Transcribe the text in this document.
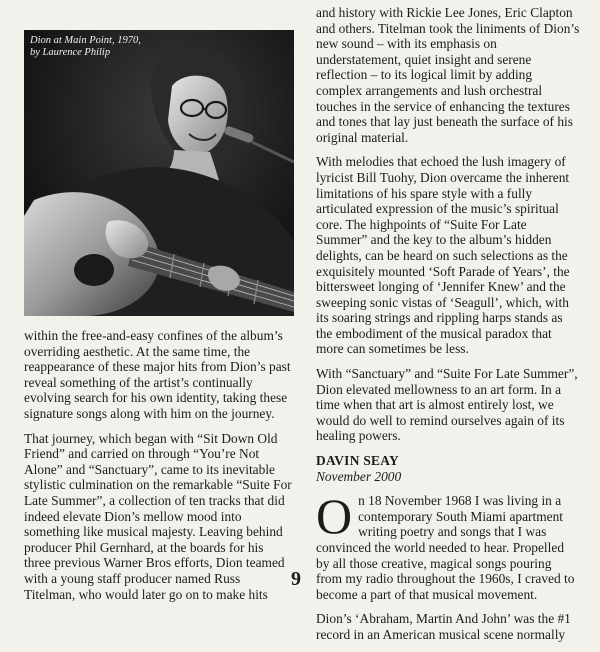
Dion at Main Point, 1970,
by Laurence Philip

within the free-and-easy confines of the album’s overriding aesthetic. At the same time, the reappearance of these major hits from Dion’s past reveal something of the artist’s continually evolving search for his own identity, taking these signature songs along with him on the journey.

That journey, which began with “Sit Down Old Friend” and carried on through “You’re Not Alone” and “Sanctuary”, came to its inevitable stylistic culmination on the remarkable “Suite For Late Summer”, a collection of ten tracks that did indeed elevate Dion’s mellow mood into something like musical majesty. Leaving behind producer Phil Gernhard, at the boards for his three previous Warner Bros efforts, Dion teamed with a young staff producer named Russ Titelman, who would later go on to make hits

and history with Rickie Lee Jones, Eric Clapton and others. Titelman took the liniments of Dion’s new sound – with its emphasis on understatement, quiet insight and serene reflection – to its logical limit by adding complex arrangements and lush orchestral touches in the service of enhancing the textures and tones that lay just beneath the surface of his original material.

With melodies that echoed the lush imagery of lyricist Bill Tuohy, Dion overcame the inherent limitations of his spare style with a fully articulated expression of the music’s spiritual core. The highpoints of “Suite For Late Summer” and the key to the album’s hidden delights, can be heard on such selections as the exquisitely mounted ‘Soft Parade of Years’, the bittersweet longing of ‘Jennifer Knew’ and the sweeping sonic vistas of ‘Seagull’, which, with its soaring strings and rippling harps stands as the embodiment of the musical paradox that more can sometimes be less.

With “Sanctuary” and “Suite For Late Summer”, Dion elevated mellowness to an art form. In a time when that art is almost entirely lost, we would do well to remind ourselves again of its healing powers.

DAVIN SEAY
November 2000

On 18 November 1968 I was living in a contemporary South Miami apartment writing poetry and songs that I was convinced the world needed to hear. Propelled by all those creative, magical songs pouring from my radio throughout the 1960s, I craved to become a part of that musical movement.

Dion’s ‘Abraham, Martin And John’ was the #1 record in an American musical scene normally

9
